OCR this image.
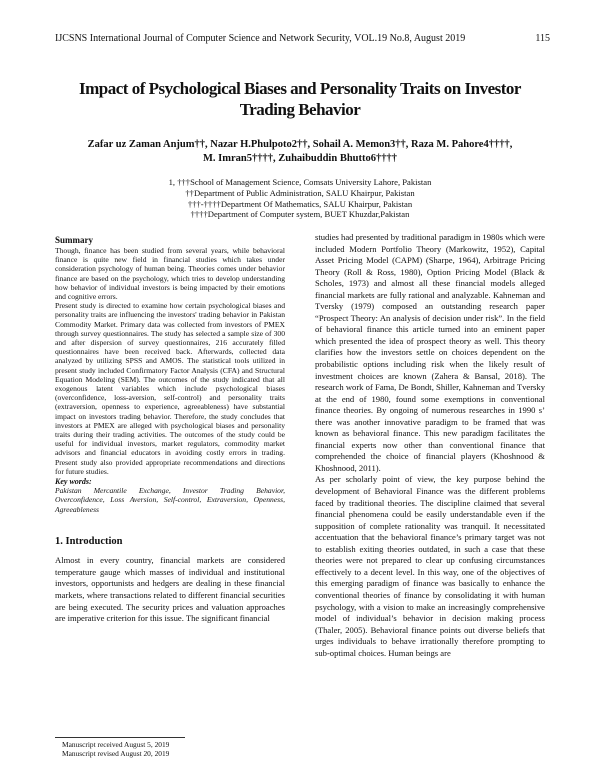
IJCSNS International Journal of Computer Science and Network Security, VOL.19 No.8, August 2019	115
Impact of Psychological Biases and Personality Traits on Investor
Trading Behavior
Zafar uz Zaman Anjum††, Nazar H.Phulpoto2††, Sohail A. Memon3††, Raza M. Pahore4††††,
M. Imran5††††, Zuhaibuddin Bhutto6††††
1, †††School of Management Science, Comsats University Lahore, Pakistan
††Department of Public Administration, SALU Khairpur, Pakistan
†††-††††Department Of Mathematics, SALU Khairpur, Pakistan
††††Department of Computer system, BUET Khuzdar,Pakistan
Summary

Though, finance has been studied from several years, while behavioral finance is quite new field in financial studies which takes under consideration psychology of human being. Theories comes under behavior finance are based on the psychology, which tries to develop understanding how behavior of individual investors is being impacted by their emotions and cognitive errors.

Present study is directed to examine how certain psychological biases and personality traits are influencing the investors' trading behavior in Pakistan Commodity Market. Primary data was collected from investors of PMEX through survey questionnaires. The study has selected a sample size of 300 and after dispersion of survey questionnaires, 216 accurately filled questionnaires have been received back. Afterwards, collected data analyzed by utilizing SPSS and AMOS. The statistical tools utilized in present study included Confirmatory Factor Analysis (CFA) and Structural Equation Modeling (SEM). The outcomes of the study indicated that all exogenous latent variables which include psychological biases (overconfidence, loss-aversion, self-control) and personality traits (extraversion, openness to experience, agreeableness) have substantial impact on investors trading behavior. Therefore, the study concludes that investors at PMEX are alleged with psychological biases and personality traits during their trading activities. The outcomes of the study could be useful for individual investors, market regulators, commodity market advisors and financial educators in avoiding costly errors in trading. Present study also provided appropriate recommendations and directions for future studies.

Key words:

Pakistan Mercantile Exchange, Investor Trading Behavior, Overconfidence, Loss Aversion, Self-control, Extraversion, Openness, Agreeableness

1. Introduction

Almost in every country, financial markets are considered temperature gauge which masses of individual and institutional investors, opportunists and hedgers are dealing in these financial markets, where transactions related to different financial securities are being executed. The security prices and valuation approaches are imperative criterion for this issue. The significant financial

studies had presented by traditional paradigm in 1980s which were included Modern Portfolio Theory (Markowitz, 1952), Capital Asset Pricing Model (CAPM) (Sharpe, 1964), Arbitrage Pricing Theory (Roll & Ross, 1980), Option Pricing Model (Black & Scholes, 1973) and almost all these financial models alleged financial markets are fully rational and analyzable. Kahneman and Tversky (1979) composed an outstanding research paper “Prospect Theory: An analysis of decision under risk”. In the field of behavioral finance this article turned into an eminent paper which presented the idea of prospect theory as well. This theory clarifies how the investors settle on choices dependent on the probabilistic options including risk when the likely result of investment choices are known (Zahera & Bansal, 2018). The research work of Fama, De Bondt, Shiller, Kahneman and Tversky at the end of 1980, found some exemptions in conventional finance theories. By ongoing of numerous researches in 1990 s’ there was another innovative paradigm to be framed that was known as behavioral finance. This new paradigm facilitates the financial experts now other than conventional finance that comprehended the choice of financial players (Khoshnood & Khoshnood, 2011).

As per scholarly point of view, the key purpose behind the development of Behavioral Finance was the different problems faced by traditional theories. The discipline claimed that several financial phenomena could be easily understandable even if the supposition of complete rationality was tranquil. It necessitated accentuation that the behavioral finance’s primary target was not to establish exiting theories outdated, in such a case that these theories were not prepared to clear up confusing circumstances effectively to a decent level. In this way, one of the objectives of this emerging paradigm of finance was basically to enhance the conventional theories of finance by consolidating it with human psychology, with a vision to make an increasingly comprehensive model of individual’s behavior in decision making process (Thaler, 2005). Behavioral finance points out diverse beliefs that urges individuals to behave irrationally therefore prompting to sub-optimal choices. Human beings are

Manuscript received August 5, 2019
Manuscript revised August 20, 2019
